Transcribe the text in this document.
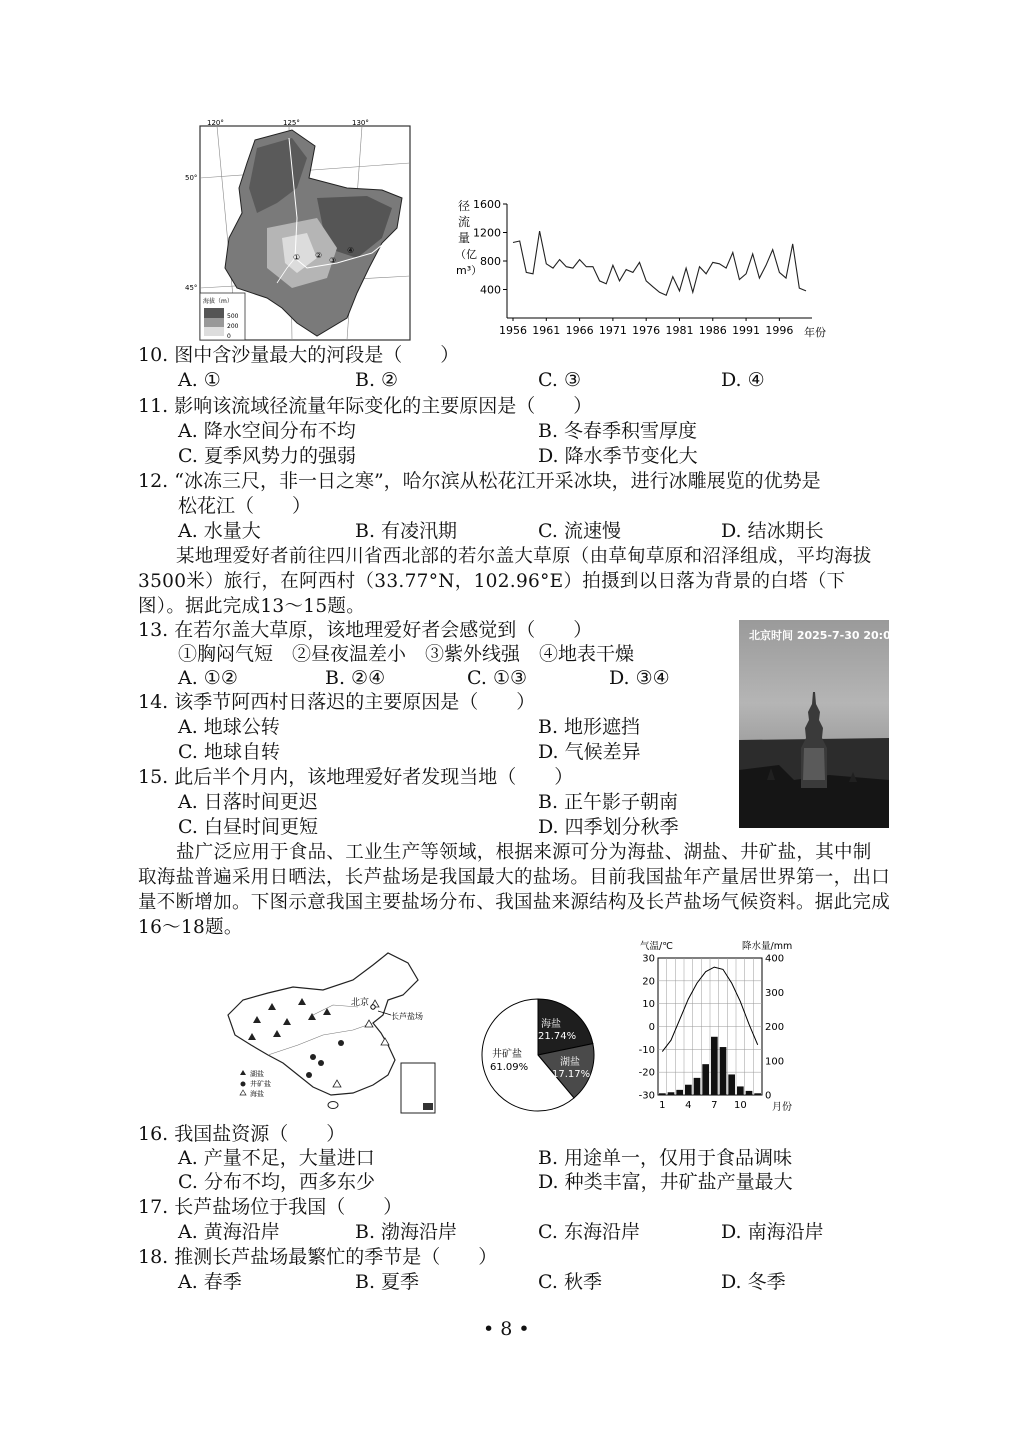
① ②
③
④
120°	125°	130°
50°
45°
海拔（m）
500
200
0
径
流
量
（亿
m³）
1600
1200
800
400
1956 1961 1966 1971 1976 1981 1986 1991 1996 年份
10. 图中含沙量最大的河段是（　　）
A. ①	B. ②	C. ③	D. ④
11. 影响该流域径流量年际变化的主要原因是（　　）
A. 降水空间分布不均	B. 冬春季积雪厚度
C. 夏季风势力的强弱	D. 降水季节变化大
12. “冰冻三尺，非一日之寒”，哈尔滨从松花江开采冰块，进行冰雕展览的优势是
松花江（　　）
A. 水量大	B. 有凌汛期	C. 流速慢	D. 结冰期长
某地理爱好者前往四川省西北部的若尔盖大草原（由草甸草原和沼泽组成，平均海拔3500米）旅行，在阿西村（33.77°N，102.96°E）拍摄到以日落为背景的白塔（下图）。据此完成13～15题。
13. 在若尔盖大草原，该地理爱好者会感觉到（　　）
①胸闷气短　②昼夜温差小　③紫外线强　④地表干燥
A. ①②	B. ②④	C. ①③	D. ③④
14. 该季节阿西村日落迟的主要原因是（　　）
A. 地球公转	B. 地形遮挡
C. 地球自转	D. 气候差异
15. 此后半个月内，该地理爱好者发现当地（　　）
A. 日落时间更迟	B. 正午影子朝南
C. 白昼时间更短	D. 四季划分秋季
北京时间 2025-7-30 20:05
盐广泛应用于食品、工业生产等领域，根据来源可分为海盐、湖盐、井矿盐，其中制取海盐普遍采用日晒法，长芦盐场是我国最大的盐场。目前我国盐年产量居世界第一，出口量不断增加。下图示意我国主要盐场分布、我国盐来源结构及长芦盐场气候资料。据此完成16～18题。
北京
长芦盐场
湖盐
井矿盐
海盐
海盐
21.74%
湖盐
17.17%
井矿盐
61.09%
气温/℃	降水量/mm
30
20
10
0
-10
-20
-30
400
300
200
100
0
1 4 7 10	月份
16. 我国盐资源（　　）
A. 产量不足，大量进口	B. 用途单一，仅用于食品调味
C. 分布不均，西多东少	D. 种类丰富，井矿盐产量最大
17. 长芦盐场位于我国（　　）
A. 黄海沿岸	B. 渤海沿岸	C. 东海沿岸	D. 南海沿岸
18. 推测长芦盐场最繁忙的季节是（　　）
A. 春季	B. 夏季	C. 秋季	D. 冬季
• 8 •
